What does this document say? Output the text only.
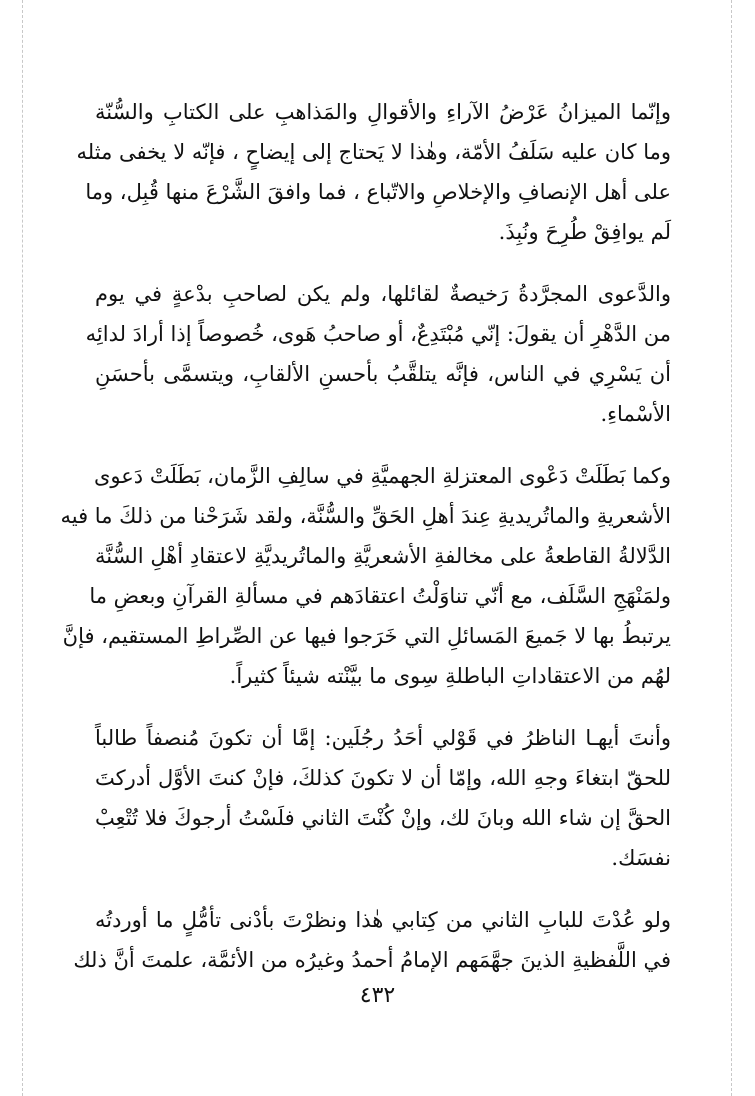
وإنّما الميزانُ عَرْضُ الآراءِ والأقوالِ والمَذاهبِ على الكتابِ والسُّنّة
وما كان عليه سَلَفُ الأمّة، وهٰذا لا يَحتاج إلى إيضاحٍ ، فإنّه لا يخفى مثله
على أهل الإنصافِ والإخلاصِ والاتّباع ، فما وافقَ الشَّرْعَ منها قُبِل، وما
لَم يوافِقْ طُرِحَ ونُبِذَ.

والدَّعوى المجرَّدةُ رَخيصةٌ لقائلها، ولم يكن لصاحبِ بدْعةٍ في يوم
من الدَّهْرِ أن يقولَ: إنّي مُبْتَدِعٌ، أو صاحبُ هَوى، خُصوصاً إذا أرادَ لدائِه
أن يَسْرِي في الناس، فإنَّه يتلقَّبُ بأحسنِ الألقابِ، ويتسمَّى بأحسَنِ
الأسْماءِ.

وكما بَطَلَتْ دَعْوى المعتزلةِ الجهميَّةِ في سالِفِ الزَّمان، بَطَلَتْ دَعوى
الأشعريةِ والماتُريديةِ عِندَ أهلِ الحَقِّ والسُّنَّة، ولقد شَرَحْنا من ذلكَ ما فيه
الدَّلالةُ القاطعةُ على مخالفةِ الأشعريَّةِ والماتُريديَّةِ لاعتقادِ أهْلِ السُّنَّة
ولمَنْهَجِ السَّلَف، مع أنّي تناوَلْتُ اعتقادَهم في مسألةِ القرآنِ وبعضِ ما
يرتبطُ بها لا جَميعَ المَسائلِ التي خَرَجوا فيها عن الصِّراطِ المستقيم، فإنَّ
لهُم من الاعتقاداتِ الباطلةِ سِوى ما بيَّنْته شيئاً كثيراً.

وأنتَ أيهـا الناظرُ في قَوْلي أحَدُ رجُلَين: إمَّا أن تكونَ مُنصفاً طالباً
للحقّ ابتغاءَ وجهِ الله، وإمّا أن لا تكونَ كذلكَ، فإنْ كنتَ الأوَّل أدركتَ
الحقَّ إن شاء الله وبانَ لك، وإنْ كُنْتَ الثاني فلَسْتُ أرجوكَ فلا تُتْعِبْ
نفسَك.

ولو عُدْتَ للبابِ الثاني من كِتابي هٰذا ونظرْتَ بأدْنى تأمُّلٍ ما أوردتُه
في اللَّفظيةِ الذينَ جهَّمَهم الإمامُ أحمدُ وغيرُه من الأئمَّة، علمتَ أنَّ ذلك

٤٣٢
